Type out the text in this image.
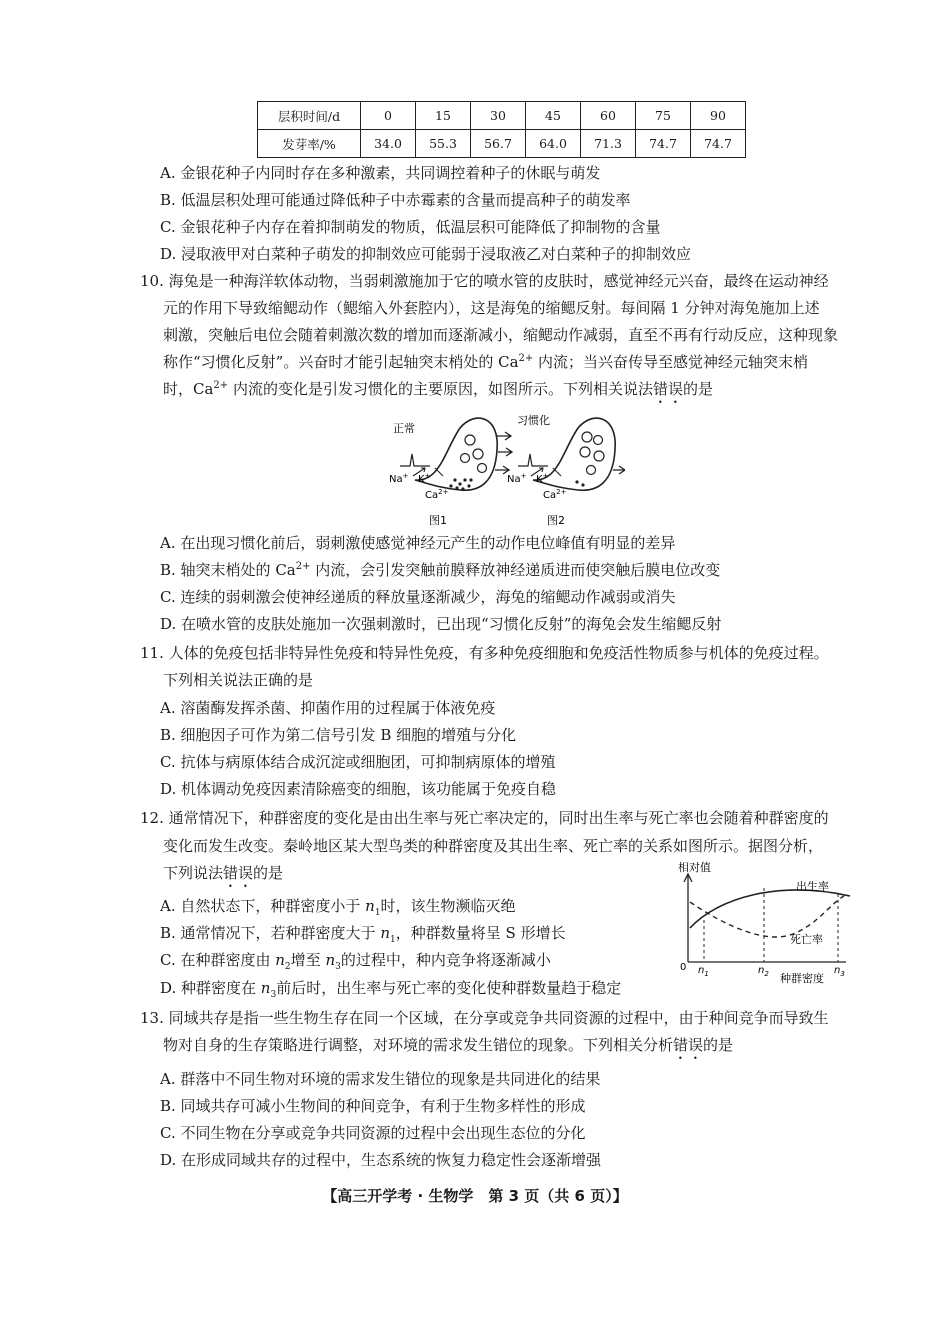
层积时间/d	0	15	30	45	60	75	90
发芽率/%	34.0	55.3	56.7	64.0	71.3	74.7	74.7
A. 金银花种子内同时存在多种激素，共同调控着种子的休眠与萌发
B. 低温层积处理可能通过降低种子中赤霉素的含量而提高种子的萌发率
C. 金银花种子内存在着抑制萌发的物质，低温层积可能降低了抑制物的含量
D. 浸取液甲对白菜种子萌发的抑制效应可能弱于浸取液乙对白菜种子的抑制效应
10. 海兔是一种海洋软体动物，当弱刺激施加于它的喷水管的皮肤时，感觉神经元兴奋，最终在运动神经
元的作用下导致缩鳃动作（鳃缩入外套腔内），这是海兔的缩鳃反射。每间隔 1 分钟对海兔施加上述
刺激，突触后电位会随着刺激次数的增加而逐渐减小，缩鳃动作减弱，直至不再有行动反应，这种现象
称作“习惯化反射”。兴奋时才能引起轴突末梢处的 $Ca^{2+}$ 内流；当兴奋传导至感觉神经元轴突末梢
时，$Ca^{2+}$ 内流的变化是引发习惯化的主要原因，如图所示。下列相关说法错误的是
正常
Na+ K+
$Ca^{2+}$
图1
习惯化
Na+ K+
$Ca^{2+}$
图2
A. 在出现习惯化前后，弱刺激使感觉神经元产生的动作电位峰值有明显的差异
B. 轴突末梢处的 $Ca^{2+}$ 内流，会引发突触前膜释放神经递质进而使突触后膜电位改变
C. 连续的弱刺激会使神经递质的释放量逐渐减少，海兔的缩鳃动作减弱或消失
D. 在喷水管的皮肤处施加一次强刺激时，已出现“习惯化反射”的海兔会发生缩鳃反射
11. 人体的免疫包括非特异性免疫和特异性免疫，有多种免疫细胞和免疫活性物质参与机体的免疫过程。
下列相关说法正确的是
A. 溶菌酶发挥杀菌、抑菌作用的过程属于体液免疫
B. 细胞因子可作为第二信号引发 B 细胞的增殖与分化
C. 抗体与病原体结合成沉淀或细胞团，可抑制病原体的增殖
D. 机体调动免疫因素清除癌变的细胞，该功能属于免疫自稳
12. 通常情况下，种群密度的变化是由出生率与死亡率决定的，同时出生率与死亡率也会随着种群密度的
变化而发生改变。秦岭地区某大型鸟类的种群密度及其出生率、死亡率的关系如图所示。据图分析，
下列说法错误的是
A. 自然状态下，种群密度小于 $n_1$时，该生物濒临灭绝
B. 通常情况下，若种群密度大于 $n_1$，种群数量将呈 S 形增长
C. 在种群密度由 $n_2$增至 $n_3$的过程中，种内竞争将逐渐减小
D. 种群密度在 $n_3$前后时，出生率与死亡率的变化使种群数量趋于稳定
相对值
0
出生率
死亡率
$n_1$	$n_2$	$n_3$
种群密度
13. 同域共存是指一些生物生存在同一个区域，在分享或竞争共同资源的过程中，由于种间竞争而导致生
物对自身的生存策略进行调整，对环境的需求发生错位的现象。下列相关分析错误的是
A. 群落中不同生物对环境的需求发生错位的现象是共同进化的结果
B. 同域共存可减小生物间的种间竞争，有利于生物多样性的形成
C. 不同生物在分享或竞争共同资源的过程中会出现生态位的分化
D. 在形成同域共存的过程中，生态系统的恢复力稳定性会逐渐增强
【高三开学考 · 生物学　第 3 页（共 6 页）】
